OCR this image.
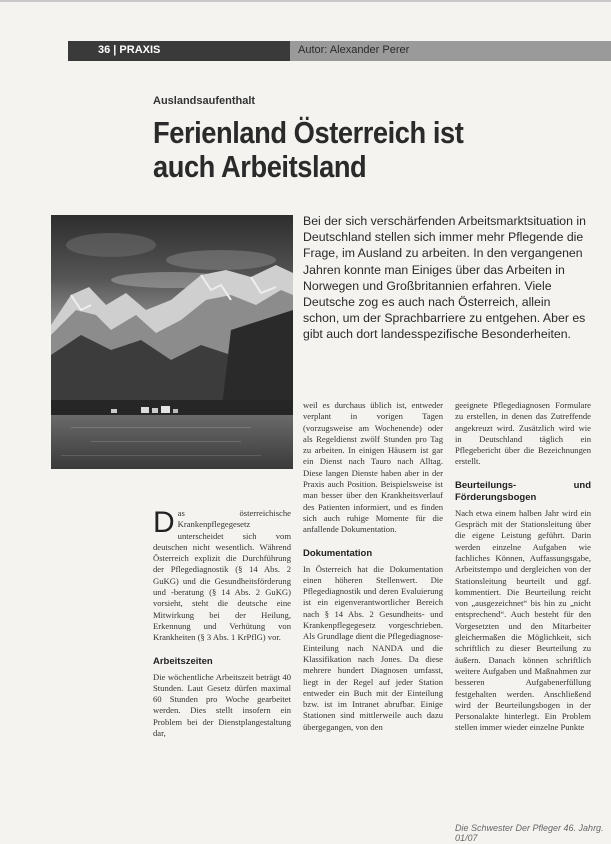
36 | PRAXIS	Autor: Alexander Perer
Auslandsaufenthalt
Ferienland Österreich ist
auch Arbeitsland
Bei der sich verschärfenden Arbeitsmarktsituation in Deutschland stellen sich immer mehr Pflegende die Frage, im Ausland zu arbeiten. In den vergangenen Jahren konnte man Einiges über das Arbeiten in Norwegen und Großbritannien erfahren. Viele Deutsche zog es auch nach Österreich, allein schon, um der Sprachbarriere zu entgehen. Aber es gibt auch dort landesspezifische Besonderheiten.

Das österreichische Krankenpflegegesetz unterscheidet sich vom deutschen nicht wesentlich. Während Österreich explizit die Durchführung der Pflegediagnostik (§ 14 Abs. 2 GuKG) und die Gesundheitsförderung und -beratung (§ 14 Abs. 2 GuKG) vorsieht, steht die deutsche eine Mitwirkung bei der Heilung, Erkennung und Verhütung von Krankheiten (§ 3 Abs. 1 KrPflG) vor.

Arbeitszeiten

Die wöchentliche Arbeitszeit beträgt 40 Stunden. Laut Gesetz dürfen maximal 60 Stunden pro Woche gearbeitet werden. Dies stellt insofern ein Problem bei der Dienstplangestaltung dar,

weil es durchaus üblich ist, entweder verplant in vorigen Tagen (vorzugsweise am Wochenende) oder als Regeldienst zwölf Stunden pro Tag zu arbeiten. In einigen Häusern ist gar ein Dienst nach Tauro nach Alltag. Diese langen Dienste haben aber in der Praxis auch Position. Beispielsweise ist man besser über den Krankheitsverlauf des Patienten informiert, und es finden sich auch ruhige Momente für die anfallende Dokumentation.

Dokumentation

In Österreich hat die Dokumentation einen höheren Stellenwert. Die Pflegediagnostik und deren Evaluierung ist ein eigenverantwortlicher Bereich nach § 14 Abs. 2 Gesundheits- und Krankenpflegegesetz vorgeschrieben. Als Grundlage dient die Pflegediagnose-Einteilung nach NANDA und die Klassifikation nach Jones. Da diese mehrere hundert Diagnosen umfasst, liegt in der Regel auf jeder Station entweder ein Buch mit der Einteilung bzw. ist im Intranet abrufbar. Einige Stationen sind mittlerweile auch dazu übergegangen, von den

geeignete Pflegediagnosen Formulare zu erstellen, in denen das Zutreffende angekreuzt wird. Zusätzlich wird wie in Deutschland täglich ein Pflegebericht über die Bezeichnungen erstellt.

Beurteilungs- und Förderungsbogen

Nach etwa einem halben Jahr wird ein Gespräch mit der Stationsleitung über die eigene Leistung geführt. Darin werden einzelne Aufgaben wie fachliches Können, Auffassungsgabe, Arbeitstempo und dergleichen von der Stationsleitung beurteilt und ggf. kommentiert. Die Beurteilung reicht von „ausgezeichnet“ bis hin zu „nicht entsprechend“. Auch besteht für den Vorgesetzten und den Mitarbeiter gleichermaßen die Möglichkeit, sich schriftlich zu dieser Beurteilung zu äußern. Danach können schriftlich weitere Aufgaben und Maßnahmen zur besseren Aufgabenerfüllung festgehalten werden. Anschließend wird der Beurteilungsbogen in der Personalakte hinterlegt. Ein Problem stellen immer wieder einzelne Punkte

Die Schwester Der Pfleger 46. Jahrg. 01/07
